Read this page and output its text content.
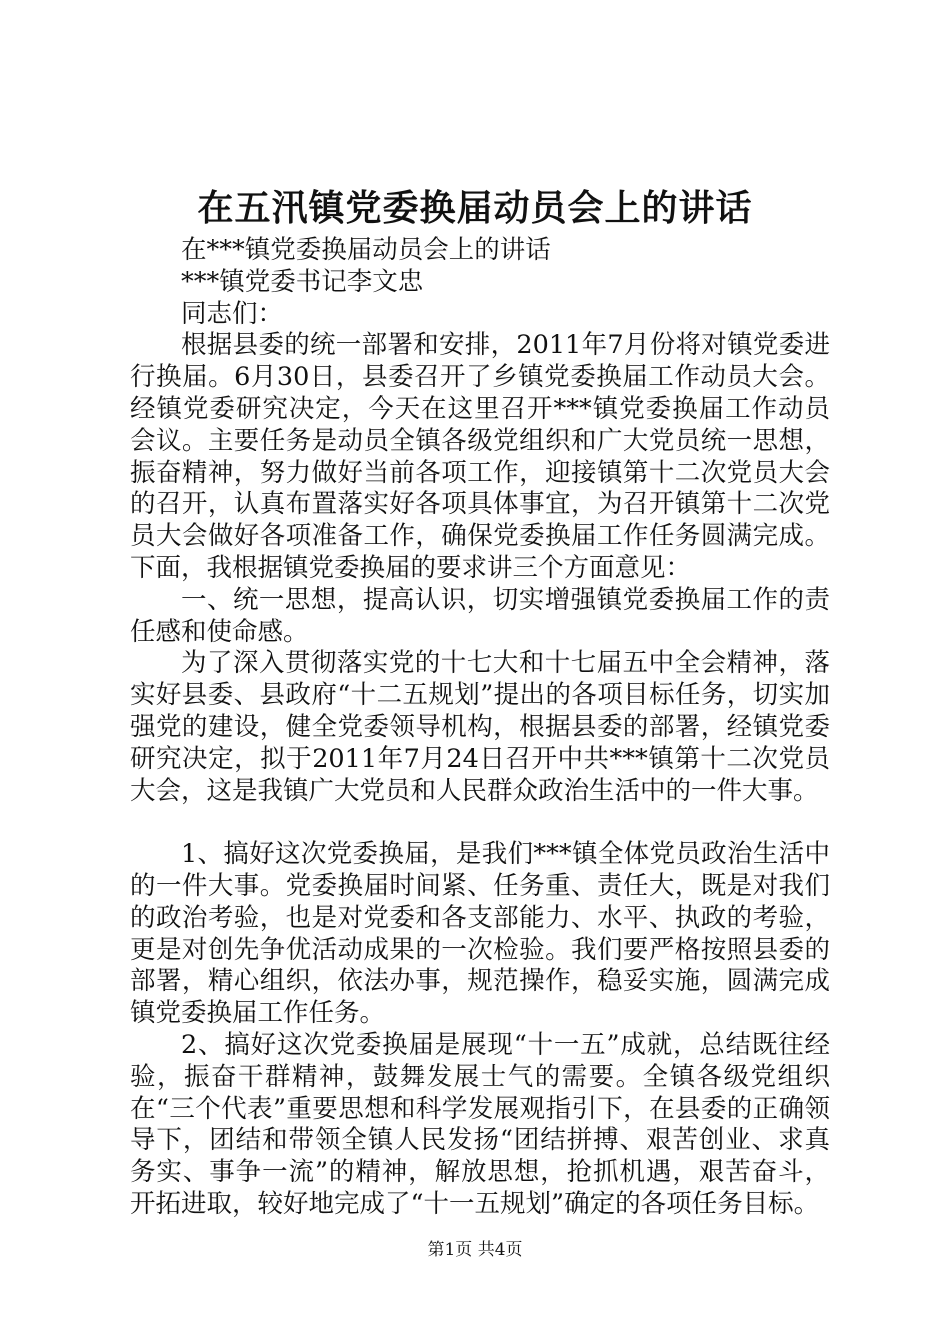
在五汛镇党委换届动员会上的讲话

在***镇党委换届动员会上的讲话

***镇党委书记李文忠

同志们：

根据县委的统一部署和安排，2011年7月份将对镇党委进行换届。6月30日，县委召开了乡镇党委换届工作动员大会。经镇党委研究决定，今天在这里召开***镇党委换届工作动员会议。主要任务是动员全镇各级党组织和广大党员统一思想，振奋精神，努力做好当前各项工作，迎接镇第十二次党员大会的召开，认真布置落实好各项具体事宜，为召开镇第十二次党员大会做好各项准备工作，确保党委换届工作任务圆满完成。下面，我根据镇党委换届的要求讲三个方面意见：

一、统一思想，提高认识，切实增强镇党委换届工作的责任感和使命感。

为了深入贯彻落实党的十七大和十七届五中全会精神，落实好县委、县政府“十二五规划”提出的各项目标任务，切实加强党的建设，健全党委领导机构，根据县委的部署，经镇党委研究决定，拟于2011年7月24日召开中共***镇第十二次党员大会，这是我镇广大党员和人民群众政治生活中的一件大事。

1、搞好这次党委换届，是我们***镇全体党员政治生活中的一件大事。党委换届时间紧、任务重、责任大，既是对我们的政治考验，也是对党委和各支部能力、水平、执政的考验，更是对创先争优活动成果的一次检验。我们要严格按照县委的部署，精心组织，依法办事，规范操作，稳妥实施，圆满完成镇党委换届工作任务。

2、搞好这次党委换届是展现“十一五”成就，总结既往经验，振奋干群精神，鼓舞发展士气的需要。全镇各级党组织在“三个代表”重要思想和科学发展观指引下，在县委的正确领导下，团结和带领全镇人民发扬“团结拼搏、艰苦创业、求真务实、事争一流”的精神，解放思想，抢抓机遇，艰苦奋斗，开拓进取，较好地完成了“十一五规划”确定的各项任务目标。

第1页 共4页
